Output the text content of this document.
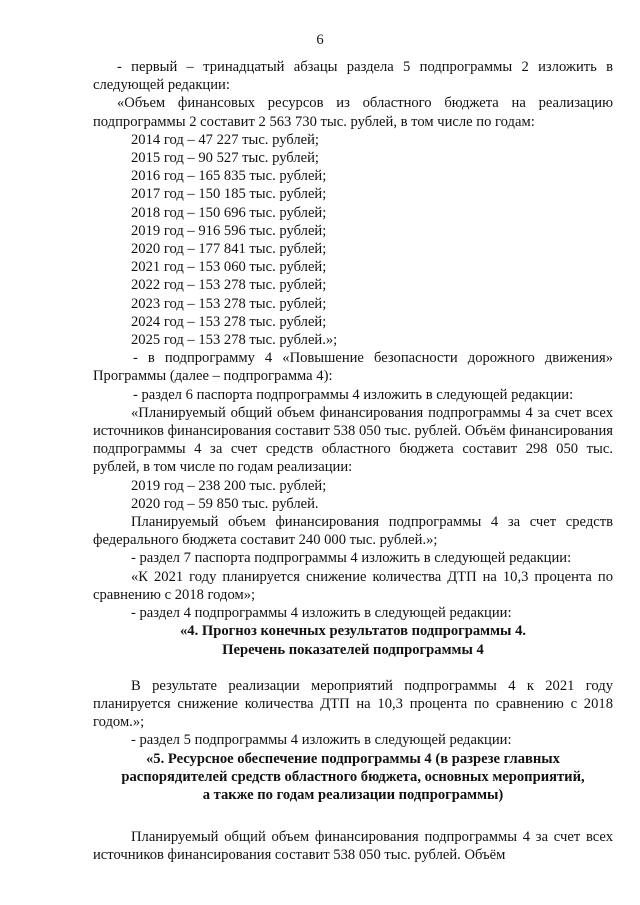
6
- первый – тринадцатый абзацы раздела 5 подпрограммы 2 изложить в следующей редакции:
«Объем финансовых ресурсов из областного бюджета на реализацию подпрограммы 2 составит 2 563 730 тыс. рублей, в том числе по годам:
2014 год – 47 227 тыс. рублей;
2015 год – 90 527 тыс. рублей;
2016 год – 165 835 тыс. рублей;
2017 год – 150 185 тыс. рублей;
2018 год – 150 696 тыс. рублей;
2019 год – 916 596 тыс. рублей;
2020 год – 177 841 тыс. рублей;
2021 год – 153 060 тыс. рублей;
2022 год – 153 278 тыс. рублей;
2023 год – 153 278 тыс. рублей;
2024 год – 153 278 тыс. рублей;
2025 год – 153 278 тыс. рублей.»;
- в подпрограмму 4 «Повышение безопасности дорожного движения» Программы (далее – подпрограмма 4):
- раздел 6 паспорта подпрограммы 4 изложить в следующей редакции:
«Планируемый общий объем финансирования подпрограммы 4 за счет всех источников финансирования составит 538 050 тыс. рублей. Объём финансирования подпрограммы 4 за счет средств областного бюджета составит 298 050 тыс. рублей, в том числе по годам реализации:
2019 год – 238 200 тыс. рублей;
2020 год – 59 850 тыс. рублей.
Планируемый объем финансирования подпрограммы 4 за счет средств федерального бюджета составит 240 000 тыс. рублей.»;
- раздел 7 паспорта подпрограммы 4 изложить в следующей редакции:
«К 2021 году планируется снижение количества ДТП на 10,3 процента по сравнению с 2018 годом»;
- раздел 4 подпрограммы 4 изложить в следующей редакции:
«4. Прогноз конечных результатов подпрограммы 4.
Перечень показателей подпрограммы 4
В результате реализации мероприятий подпрограммы 4 к 2021 году планируется снижение количества ДТП на 10,3 процента по сравнению с 2018 годом.»;
- раздел 5 подпрограммы 4 изложить в следующей редакции:
«5. Ресурсное обеспечение подпрограммы 4 (в разрезе главных
распорядителей средств областного бюджета, основных мероприятий,
а также по годам реализации подпрограммы)
Планируемый общий объем финансирования подпрограммы 4 за счет всех источников финансирования составит 538 050 тыс. рублей. Объём
